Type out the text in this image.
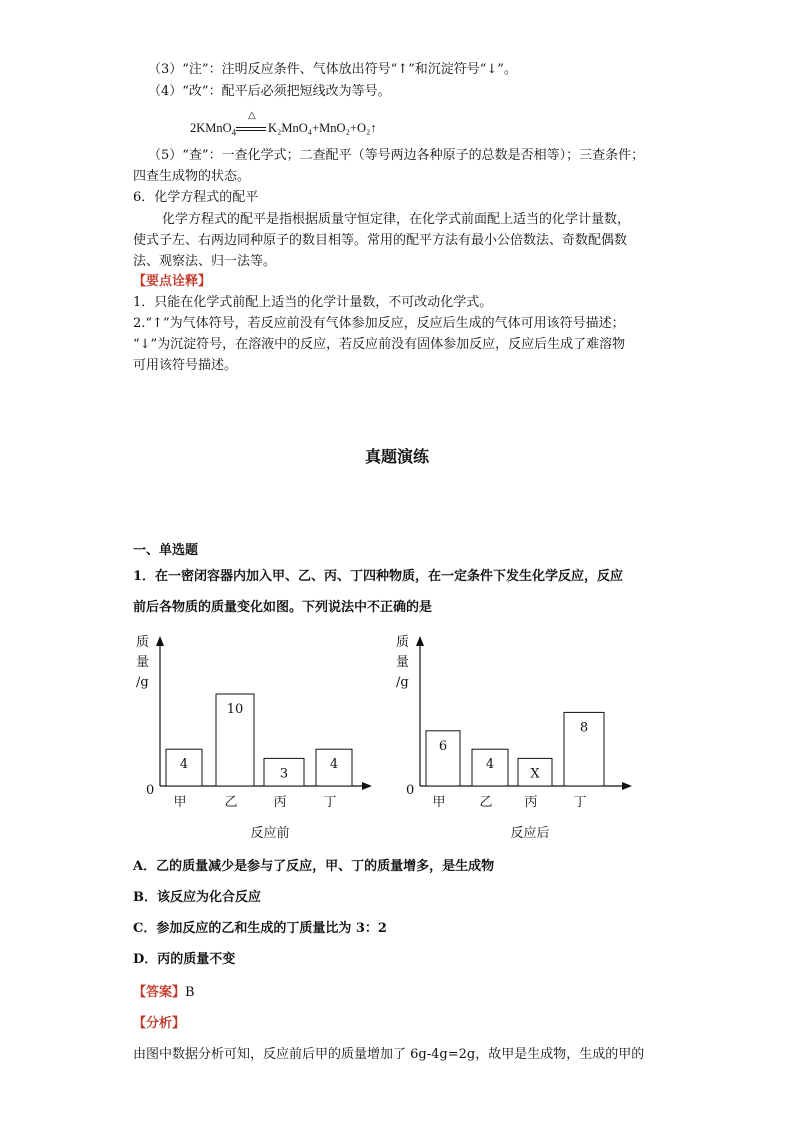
（3）“注”：注明反应条件、气体放出符号“↑”和沉淀符号“↓”。
（4）“改”：配平后必须把短线改为等号。
2KMnO$_4$
△
K₂MnO₄+MnO₂+O₂↑
（5）“查”：一查化学式；二查配平（等号两边各种原子的总数是否相等）；三查条件；
四查生成物的状态。
6．化学方程式的配平
化学方程式的配平是指根据质量守恒定律，在化学式前面配上适当的化学计量数，
使式子左、右两边同种原子的数目相等。常用的配平方法有最小公倍数法、奇数配偶数
法、观察法、归一法等。
【要点诠释】
1．只能在化学式前配上适当的化学计量数，不可改动化学式。
2.“↑”为气体符号，若反应前没有气体参加反应，反应后生成的气体可用该符号描述；
“↓”为沉淀符号，在溶液中的反应，若反应前没有固体参加反应，反应后生成了难溶物
可用该符号描述。
真题演练
一、单选题
1．在一密闭容器内加入甲、乙、丙、丁四种物质，在一定条件下发生化学反应，反应
前后各物质的质量变化如图。下列说法中不正确的是
质
量
/g
0
4
甲
10
乙
3
丙
4
丁
反应前
质
量
/g
0
6
甲
4
乙
X
丙
8
丁
反应后
A．乙的质量减少是参与了反应，甲、丁的质量增多，是生成物
B．该反应为化合反应
C．参加反应的乙和生成的丁质量比为 3：2
D．丙的质量不变
【答案】B
【分析】
由图中数据分析可知，反应前后甲的质量增加了 6g-4g=2g，故甲是生成物，生成的甲的
